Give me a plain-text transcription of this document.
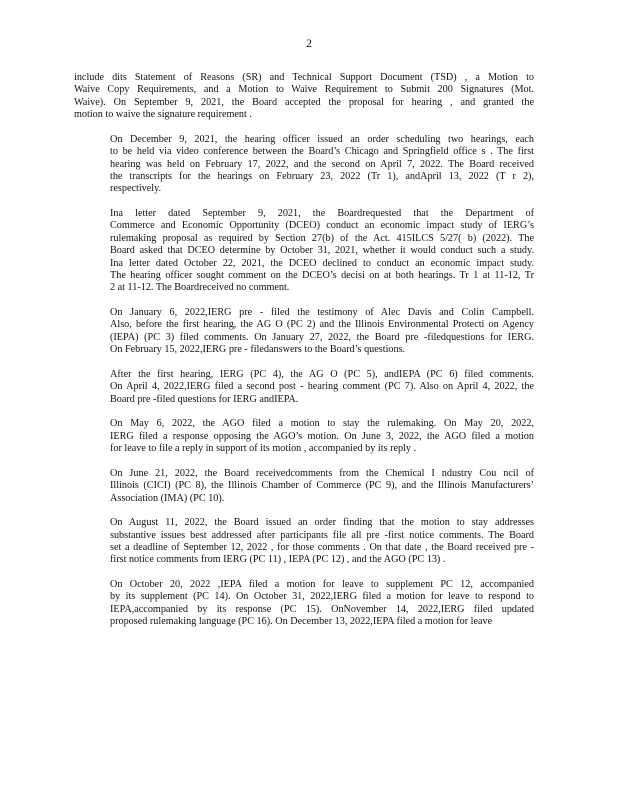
2

include dits Statement of Reasons (SR) and Technical Support Document (TSD) , a Motion to
Waive Copy Requirements, and a Motion to Waive Requirement to Submit 200 Signatures (Mot.
Waive). On September 9, 2021, the Board accepted the proposal for hearing , and granted the
motion to waive the signature requirement .

On December 9, 2021, the hearing officer issued an order scheduling two hearings, each
to be held via video conference between the Board’s Chicago and Springfield office s . The first
hearing was held on February 17, 2022, and the second on April 7, 2022. The Board received
the transcripts for the hearings on February 23, 2022 (Tr 1), andApril 13, 2022 (T r 2),
respectively.

Ina letter dated September 9, 2021, the Boardrequested that the Department of
Commerce and Economic Opportunity (DCEO) conduct an economic impact study of IERG’s
rulemaking proposal as required by Section 27(b) of the Act. 415ILCS 5/27( b) (2022). The
Board asked that DCEO determine by October 31, 2021, whether it would conduct such a study.
Ina letter dated October 22, 2021, the DCEO declined to conduct an economic impact study.
The hearing officer sought comment on the DCEO’s decisi on at both hearings. Tr 1 at 11-12, Tr
2 at 11-12. The Boardreceived no comment.

On January 6, 2022,IERG pre - filed the testimony of Alec Davis and Colin Campbell.
Also, before the first hearing, the AG O (PC 2) and the Illinois Environmental Protecti on Agency
(IEPA) (PC 3) filed comments. On January 27, 2022, the Board pre -filedquestions for IERG.
On February 15, 2022,IERG pre - filedanswers to the Board’s questions.

After the first hearing, IERG (PC 4), the AG O (PC 5), andIEPA (PC 6) filed comments.
On April 4, 2022,IERG filed a second post - hearing comment (PC 7). Also on April 4, 2022, the
Board pre -filed questions for IERG andIEPA.

On May 6, 2022, the AGO filed a motion to stay the rulemaking. On May 20, 2022,
IERG filed a response opposing the AGO’s motion. On June 3, 2022, the AGO filed a motion
for leave to file a reply in support of its motion , accompanied by its reply .

On June 21, 2022, the Board receivedcomments from the Chemical I ndustry Cou ncil of
Illinois (CICI) (PC 8), the Illinois Chamber of Commerce (PC 9), and the Illinois Manufacturers’
Association (IMA) (PC 10).

On August 11, 2022, the Board issued an order finding that the motion to stay addresses
substantive issues best addressed after participants file all pre -first notice comments. The Board
set a deadline of September 12, 2022 , for those comments . On that date , the Board received pre -
first notice comments from IERG (PC 11) , IEPA (PC 12) , and the AGO (PC 13) .

On October 20, 2022 ,IEPA filed a motion for leave to supplement PC 12, accompanied
by its supplement (PC 14). On October 31, 2022,IERG filed a motion for leave to respond to
IEPA,accompanied by its response (PC 15). OnNovember 14, 2022,IERG filed updated
proposed rulemaking language (PC 16). On December 13, 2022,IEPA filed a motion for leave
